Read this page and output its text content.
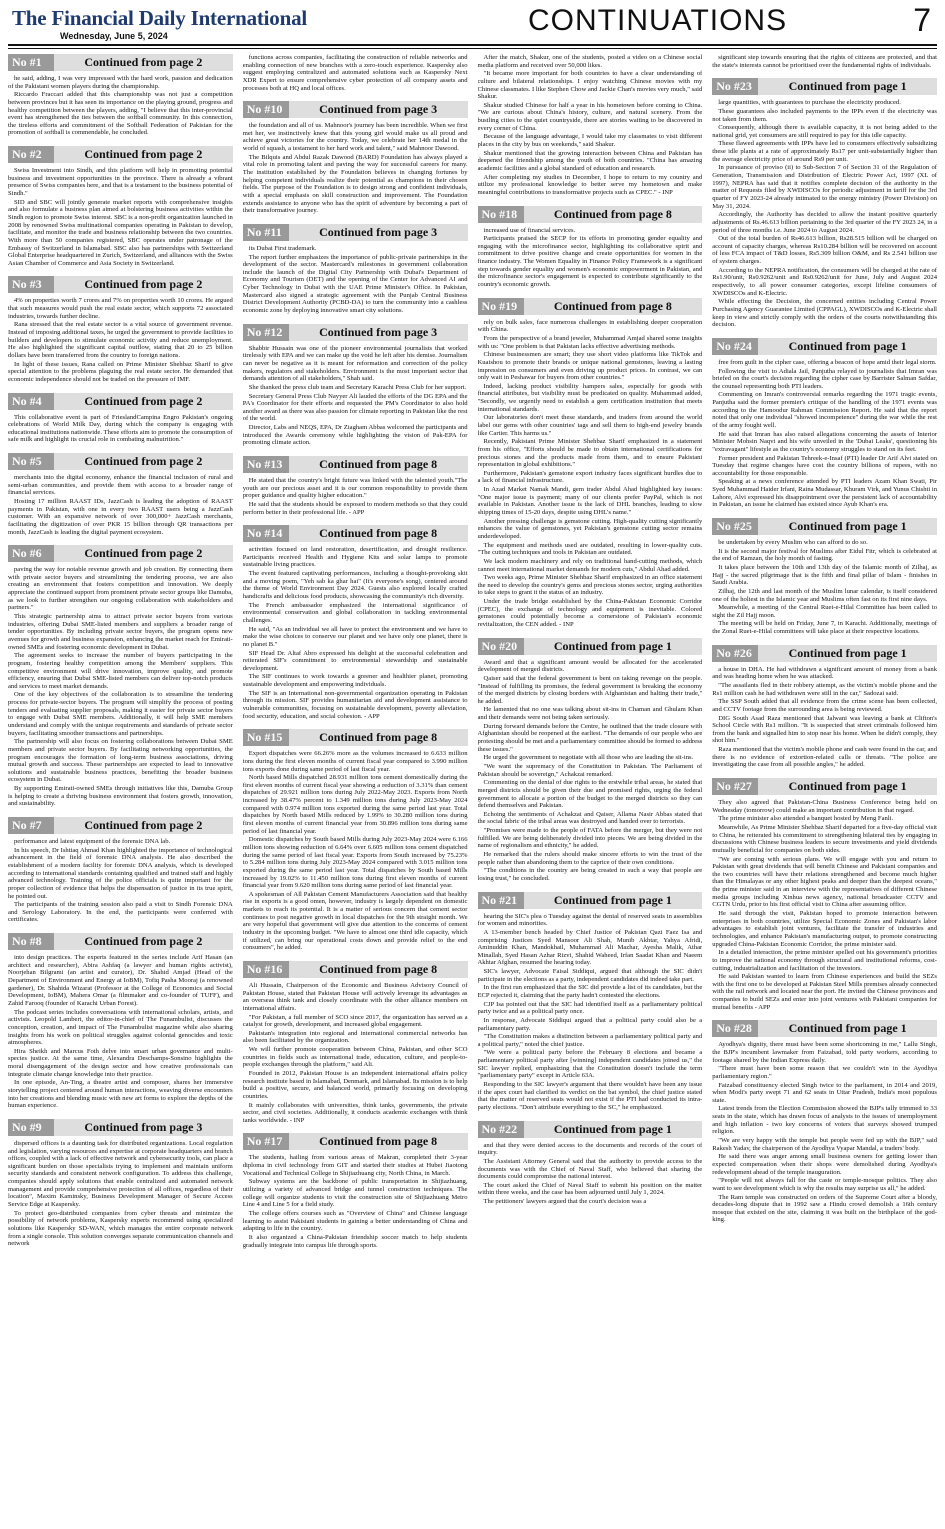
The Financial Daily International
Wednesday, June 5, 2024	CONTINUATIONS	7
No #1	Continued from page 2

he said, adding, I was very impressed with the hard work, passion and dedication of the Pakistani women players during the championship.

Riccardo Fraccari added that this championship was not just a competition between provinces but it has seen its importance on the playing ground, progress and healthy competition between the players, adding, "I believe that this inter-provincial event has strengthened the ties between the softball community. In this connection, the tireless efforts and commitment of the Softball Federation of Pakistan for the promotion of softball is commendable, he concluded.

No #2	Continued from page 2

Swiss Investment into Sindh, and this platform will help in promoting potential business and investment opportunities in the province. There is already a vibrant presence of Swiss companies here, and that is a testament to the business potential of Sindh."

SID and SBC will jointly generate market reports with comprehensive insights and also formulate a business plan aimed at bolstering business activities within the Sindh region to promote Swiss interest. SBC is a non-profit organization launched in 2008 by renowned Swiss multinational companies operating in Pakistan to develop, facilitate, and monitor the trade and business relationship between the two countries. With more than 50 companies registered, SBC operates under patronage of the Embassy of Switzerland in Islamabad. SBC also has partnerships with Switzerland Global Enterprise headquartered in Zurich, Switzerland, and alliances with the Swiss Asian Chamber of Commerce and Asia Society in Switzerland.

No #3	Continued from page 2

4% on properties worth 7 crores and 7% on properties worth 10 crores. He argued that such measures would push the real estate sector, which supports 72 associated industries, towards further decline.

Rana stressed that the real estate sector is a vital source of government revenue. Instead of imposing additional taxes, he urged the government to provide facilities to builders and developers to stimulate economic activity and reduce unemployment. He also highlighted the significant capital outflow, stating that 20 to 25 billion dollars have been transferred from the country to foreign nations.

In light of these issues, Rana called on Prime Minister Shehbaz Sharif to give special attention to the problems plaguing the real estate sector. He demanded that economic independence should not be traded on the pressure of IMF.

No #4	Continued from page 2

This collaborative event is part of FrieslandCampina Engro Pakistan's ongoing celebrations of World Milk Day, during which the company is engaging with educational institutions nationwide. These efforts aim to promote the consumption of safe milk and highlight its crucial role in combating malnutrition."

No #5	Continued from page 2

merchants into the digital economy, enhance the financial inclusion of rural and semi-urban communities, and provide them with access to a broader range of financial services.

Hosting 17 million RAAST IDs, JazzCash is leading the adoption of RAAST payments in Pakistan, with one in every two RAAST users being a JazzCash customer. With an expansive network of over 300,000+ JazzCash merchants, facilitating the digitization of over PKR 15 billion through QR transactions per month, JazzCash is leading the digital payment ecosystem.

No #6	Continued from page 2

paving the way for notable revenue growth and job creation. By connecting them with private sector buyers and streamlining the tendering process, we are also creating an environment that fosters competition and innovation. We deeply appreciate the continued support from prominent private sector groups like Damuba, as we look to further strengthen our ongoing collaboration with stakeholders and partners."

This strategic partnership aims to attract private sector buyers from various industries, offering Dubai SME-listed members and suppliers a broader range of tender opportunities. By including private sector buyers, the program opens new avenues for growth and business expansion, enhancing the market reach for Emirati-owned SMEs and fostering economic development in Dubai.

The agreement seeks to increase the number of buyers participating in the program, fostering healthy competition among the Members' suppliers. This competitive environment will drive innovation, improve quality, and promote efficiency, ensuring that Dubai SME-listed members can deliver top-notch products and services to meet market demands.

One of the key objectives of the collaboration is to streamline the tendering process for private-sector buyers. The program will simplify the process of posting tenders and evaluating supplier proposals, making it easier for private sector buyers to engage with Dubai SME members. Additionally, it will help SME members understand and comply with the unique requirements and standards of private sector buyers, facilitating smoother transactions and partnerships.

The partnership will also focus on fostering collaborations between Dubai SME members and private sector buyers. By facilitating networking opportunities, the program encourages the formation of long-term business associations, driving mutual growth and success. These partnerships are expected to lead to innovative solutions and sustainable business practices, benefiting the broader business ecosystem in Dubai.

By supporting Emirati-owned SMEs through initiatives like this, Damuba Group is helping to create a thriving business environment that fosters growth, innovation, and sustainability.

No #7	Continued from page 2

performance and latest equipment of the forensic DNA lab.

In his speech, Dr Ishtiaq Ahmad Khan highlighted the importance of technological advancement in the field of forensic DNA analysis. He also described the establishment of a modern facility for forensic DNA analysis, which is developed according to international standards containing qualified and trained staff and highly advanced technology. Training of the police officials is quite important for the proper collection of evidence that helps the dispensation of justice in its true spirit, he pointed out.

The participants of the training session also paid a visit to Sindh Forensic DNA and Serology Laboratory. In the end, the participants were conferred with certificates.

No #8	Continued from page 2

into design practices. The experts featured in the series include Arif Hasan (an architect and researcher), Abira Ashfaq (a lawyer and human rights activist), Noorjehan Bilgrami (an artist and curator), Dr. Shahid Amjad (Head of the Department of Environment and Energy at IoBM), Tofiq Pasha Mooraj (a renowned gardener), Dr. Shahida Wizarat (Professor at the College of Economics and Social Development, IoBM), Mahera Omar (a filmmaker and co-founder of TUFF), and Zahid Farooq (founder of Karachi Urban Forest).

The podcast series includes conversations with international scholars, artists, and activists. Leopold Lambert, the editor-in-chief of The Funambulist, discusses the conception, creation, and impact of The Funambulist magazine while also sharing insights from his work on political struggles against colonial genocides and toxic atmospheres.

Hira Sheikh and Marcus Foth delve into smart urban governance and multi-species justice. At the same time, Alexandra Deschamps-Sonsino highlights the moral disengagement of the design sector and how creative professionals can integrate climate change knowledge into their practice.

In one episode, An-Ting, a theatre artist and composer, shares her immersive storytelling project centered around human interactions, weaving diverse encounters into her creations and blending music with new art forms to explore the depths of the human experience.

No #9	Continued from page 3

dispersed offices is a daunting task for distributed organizations. Local regulation and legislation, varying resources and expertise at corporate headquarters and branch offices, coupled with a lack of effective network and cybersecurity tools, can place a significant burden on those specialists trying to implement and maintain uniform security standards and consistent network configuration. To address this challenge, companies should apply solutions that enable centralized and automated network management and provide comprehensive protection of all offices, regardless of their location", Maxim Kaminsky, Business Development Manager of Secure Access Service Edge at Kaspersky.

To protect geo-distributed companies from cyber threats and minimize the possibility of network problems, Kaspersky experts recommend using specialized solutions like Kaspersky SD-WAN, which manages the entire corporate network from a single console. This solution converges separate communication channels and network

functions across companies, facilitating the construction of reliable networks and enabling connection of new branches with a zero-touch experience. Kaspersky also suggest employing centralized and automated solutions such as Kaspersky Next XDR Expert to ensure comprehensive cyber protection of all company assets and processes both at HQ and local offices.

No #10	Continued from page 3

the foundation and all of us. Mahnoor's journey has been incredible. When we first met her, we instinctively knew that this young girl would make us all proud and achieve great victories for the country. Today, we celebrate her 14th medal in the world of squash, a testament to her hard work and talent," said Mahnoor Dawood.

The Bilquis and Abdul Razak Dawood (BARD) Foundation has always played a vital role in promoting talent and paving the way for successful careers for many. The institution established by the Foundation believes in changing fortunes by helping competent individuals realize their potential as champions in their chosen fields. The purpose of the Foundation is to design strong and confident individuals, with a special emphasis on skill construction and improvement. The Foundation extends assistance to anyone who has the spirit of adventure by becoming a part of their transformative journey.

No #11	Continued from page 3

its Dubai First trademark.

The report further emphasizes the importance of public-private partnerships in the development of the sector. Mastercard's milestones in government collaboration include the launch of the Digital City Partnership with Dubai's Department of Economy and Tourism (DET) and the opening of the Center for Advanced AI and Cyber Technology in Dubai with the UAE Prime Minister's Office. In Pakistan, Mastercard also signed a strategic agreement with the Punjab Central Business District Development Authority (PCBD-DA) to turn the community into a cashless economic zone by deploying innovative smart city solutions.

No #12	Continued from page 3

Shabbir Hussain was one of the pioneer environmental journalists that worked tirelessly with EPA and we can make up the void he left after his demise. Journalism can never be negative as it is meant for reformation and correction of the policy makers, regulators and stakeholders. Environment is the most important sector that demands attention of all stakeholders," Shah said.

She thanked the press club team and Secretary Karachi Press Club for her support.

Secretary General Press Club Nayyer Ali lauded the efforts of the DG EPA and the PA's Coordinator for their efforts and requested the PM's Coordinator to also hold another award as there was also passion for climate reporting in Pakistan like the rest of the world.

Director, Labs and NEQS, EPA, Dr Ziagham Abbas welcomed the participants and introduced the Awards ceremony while highlighting the vision of Pak-EPA for promoting climate action.

No #13	Continued from page 8

He stated that the country's bright future was linked with the talented youth."The youth are our precious asset and it is our common responsibility to provide them proper guidance and quality higher education."

He said that the students should be exposed to modern methods so that they could perform better in their professional life. - APP

No #14	Continued from page 8

activities focused on land restoration, desertification, and drought resilience. Participants received Health and Hygiene Kits and solar lamps to promote sustainable living practices.

The event featured captivating performances, including a thought-provoking skit and a moving poem, "Yeh sab ka ghar hai" (It's everyone's song), centered around the theme of World Environment Day 2024. Guests also explored locally crafted handicrafts and delicious food products, showcasing the community's rich diversity.

The French ambassador emphasized the international significance of environmental conservation and global collaboration in tackling environmental challenges.

He said, "As an individual we all have to protect the environment and we have to make the wise choices to conserve our planet and we have only one planet, there is no planet B."

SIF Head Dr. Altaf Abro expressed his delight at the successful celebration and reiterated SIF's commitment to environmental stewardship and sustainable development.

The SIF continues to work towards a greener and healthier planet, promoting sustainable development and empowering individuals.

The SIF is an International non-governmental organization operating in Pakistan through its mission. SIF provides humanitarian aid and development assistance to vulnerable communities, focusing on sustainable development, poverty alleviation, food security, education, and social cohesion. - APP

No #15	Continued from page 8

Export dispatches were 66.26% more as the volumes increased to 6.633 million tons during the first eleven months of current fiscal year compared to 3.990 million tons exports done during same period of last fiscal year.

North based Mills dispatched 28.931 million tons cement domestically during the first eleven months of current fiscal year showing a reduction of 3.31% than cement dispatches of 29.921 million tons during July 2022-May 2023. Exports from North increased by 38.47% percent to 1.349 million tons during July 2023-May 2024 compared with 0.974 million tons exported during the same period last year. Total dispatches by North based Mills reduced by 1.99% to 30.280 million tons during first eleven months of current financial year from 30.896 million tons during same period of last financial year.

Domestic dispatches by South based Mills during July 2023-May 2024 were 6.166 million tons showing reduction of 6.64% over 6.605 million tons cement dispatched during the same period of last fiscal year. Exports from South increased by 75.23% to 5.284 million tons during July 2023-May 2024 compared with 3.015 million tons exported during the same period last year. Total dispatches by South based Mills increased by 19.02% to 11.450 million tons during first eleven months of current financial year from 9.620 million tons during same period of last financial year.

A spokesman of All Pakistan Cement Manufacturers Association said that healthy rise in exports is a good omen, however, industry is largely dependent on domestic markets to reach its potential. It is a matter of serious concern that cement sector continues to post negative growth in local dispatches for the 9th straight month. We are very hopeful that government will give due attention to the concerns of cement industry in the upcoming budget. "We have to almost one third idle capacity, which if utilized, can bring our operational costs down and provide relief to the end consumers", he added.

No #16	Continued from page 8

Ali Hussain, Chairperson of the Economic and Business Advisory Council of Pakistan House, stated that Pakistan House will actively leverage its advantages as an overseas think tank and closely coordinate with the other alliance members on international affairs.

"For Pakistan, a full member of SCO since 2017, the organization has served as a catalyst for growth, development, and increased global engagement.

Pakistan's integration into regional and international commercial networks has also been facilitated by the organization.

We will further promote cooperation between China, Pakistan, and other SCO countries in fields such as international trade, education, culture, and people-to-people exchanges through the platform," said Ali.

Founded in 2012, Pakistan House is an independent international affairs policy research institute based in Islamabad, Denmark, and Islamabad. Its mission is to help build a positive, secure, and balanced world, primarily focusing on developing countries.

It mainly collaborates with universities, think tanks, governments, the private sector, and civil societies. Additionally, it conducts academic exchanges with think tanks worldwide. - INP

No #17	Continued from page 8

The students, hailing from various areas of Makran, completed their 3-year diploma in civil technology from GIT and started their studies at Hubei Jiaotong Vocational and Technical College in Shijiazhuang city, North China, in March.

Subway systems are the backbone of public transportation in Shijiazhuang, utilizing a variety of advanced bridge and tunnel construction techniques. The college will organize students to visit the construction site of Shijiazhuang Metro Line 4 and Line 5 for a field study.

The college offers courses such as "Overview of China" and Chinese language learning to assist Pakistani students in gaining a better understanding of China and adapting to life in the country.

It also organized a China-Pakistan friendship soccer match to help students gradually integrate into campus life through sports.

After the match, Shakur, one of the students, posted a video on a Chinese social media platform and received over 50,000 likes.

"It became more important for both countries to have a clear understanding of culture and bilateral relationships. I enjoy watching Chinese movies with my Chinese classmates. I like Stephen Chow and Jackie Chan's movies very much," said Shakur.

Shakur studied Chinese for half a year in his hometown before coming to China. "We are curious about China's history, culture, and natural scenery. From the bustling cities to the quiet countryside, there are stories waiting to be discovered in every corner of China.

Because of the language advantage, I would take my classmates to visit different places in the city by bus on weekends," said Shakur.

Shakur mentioned that the growing interaction between China and Pakistan has deepened the friendship among the youth of both countries. "China has amazing academic facilities and a global standard of education and research.

After completing my studies in December, I hope to return to my country and utilize my professional knowledge to better serve my hometown and make meaningful contributions to transformative projects such as CPEC." - INP

No #18	Continued from page 8

increased use of financial services.

Participants praised the SECP for its efforts in promoting gender equality and engaging with the microfinance sector, highlighting its collaborative spirit and commitment to drive positive change and create opportunities for women in the finance industry. The Women Equality in Finance Policy Framework is a significant step towards gender equality and women's economic empowerment in Pakistan, and the microfinance sector's engagement is expected to contribute significantly to the country's economic growth.

No #19	Continued from page 8

rely on bulk sales, face numerous challenges in establishing deeper cooperation with China.

From the perspective of a brand jeweler, Muhammad Amjad shared some insights with us: "One problem is that Pakistan lacks effective advertising methods.

Chinese businessmen are smart; they use short video platforms like TikTok and Kuaishou to promote their brands or unique national gemstones, leaving a lasting impression on consumers and even driving up product prices. In contrast, we can only wait in Peshawar for buyers from other countries."

Indeed, lacking product visibility hampers sales, especially for goods with financial attributes, but visibility must be predicated on quality. Muhammad added, "Secondly, we urgently need to establish a gem certification institution that meets international standards.

Our laboratories don't meet these standards, and traders from around the world label our gems with other countries' tags and sell them to high-end jewelry brands like Cartier. This harms us."

Recently, Pakistani Prime Minister Shehbaz Sharif emphasized in a statement from his office, "Efforts should be made to obtain international certifications for precious stones and the products made from them, and to ensure Pakistani representation in global exhibitions."

Furthermore, Pakistan's gemstone export industry faces significant hurdles due to a lack of financial infrastructure.

In Azad Market Namak Mandi, gem trader Abdul Ahad highlighted key issues: "One major issue is payment; many of our clients prefer PayPal, which is not available in Pakistan. Another issue is the lack of DHL branches, leading to slow shipping times of 15-20 days, despite using DHL's name."

Another pressing challenge is gemstone cutting. High-quality cutting significantly enhances the value of gemstones, yet Pakistan's gemstone cutting sector remains underdeveloped.

The equipment and methods used are outdated, resulting in lower-quality cuts. "The cutting techniques and tools in Pakistan are outdated.

We lack modern machinery and rely on traditional hand-cutting methods, which cannot meet international market demands for modern cuts," Abdul Ahad added.

Two weeks ago, Prime Minister Shehbaz Sharif emphasized in an office statement the need to develop the country's gems and precious stones sector, urging authorities to take steps to grant it the status of an industry.

Under the trade bridge established by the China-Pakistan Economic Corridor (CPEC), the exchange of technology and equipment is inevitable. Colored gemstones could potentially become a cornerstone of Pakistan's economic revitalization, the CEN added. - INP

No #20	Continued from page 1

Award and that a significant amount would be allocated for the accelerated development of merged districts.

Qaiser said that the federal government is bent on taking revenge on the people. "Instead of fulfilling its promises, the federal government is breaking the economy of the merged districts by closing borders with Afghanistan and halting their trade," he added.

He lamented that no one was talking about sit-ins in Chaman and Ghulam Khan and their demands were not being taken seriously.

During forward demands before the Centre, he outlined that the trade closure with Afghanistan should be reopened at the earliest. "The demands of our people who are protesting should be met and a parliamentary committee should be formed to address these issues."

He urged the government to negotiate with all those who are leading the sit-ins.

"We want the supremacy of the Constitution in Pakistan. The Parliament of Pakistan should be sovereign," Achakzai remarked.

Commenting on the denial of due rights to the erstwhile tribal areas, he stated that merged districts should be given their due and promised rights, urging the federal government to allocate a portion of the budget to the merged districts so they can defend themselves and Pakistan.

Echoing the sentiments of Achakzai and Qaiser, Allama Nasir Abbas stated that the social fabric of the tribal areas was destroyed and handed over to terrorists.

"Promises were made to the people of FATA before the merger, but they were not fulfilled. We are being deliberately divided into pieces. We are being divided in the name of regionalism and ethnicity," he added.

He remarked that the rulers should make sincere efforts to win the trust of the people rather than abandoning them to the caprice of their own conditions.

"The conditions in the country are being created in such a way that people are losing trust," he concluded.

No #21	Continued from page 1

hearing the SIC's plea o Tuesday against the denial of reserved seats in assemblies for women and minorities.

A 13-member bench headed by Chief Justice of Pakistan Qazi Faez Isa and comprising Justices Syed Mansoor Ali Shah, Munib Akhtar, Yahya Afridi, Aminuddin Khan, Mandokhail, Muhammad Ali Mazhar, Ayesha Malik, Athar Minallah, Syed Hasan Azhar Rizvi, Shahid Waheed, Irfan Saadat Khan and Naeem Akhtar Afghan, resumed the hearing today.

SIC's lawyer, Advocate Faisal Siddiqui, argued that although the SIC didn't participate in the elections as a party, independent candidates did indeed take part.

In the first run emphasized that the SIC did provide a list of its candidates, but the ECP rejected it, claiming that the party hadn't contested the elections.

CJP Isa pointed out that the SIC had identified itself as a parliamentary political party twice and as a political party once.

In response, Advocate Siddiqui argued that a political party could also be a parliamentary party.

"The Constitution makes a distinction between a parliamentary political party and a political party," noted the chief justice.

"We were a political party before the February 8 elections and became a parliamentary political party after [winning] independent candidates joined us," the SIC lawyer replied, emphasizing that the Constitution doesn't include the term "parliamentary party" except in Article 63A.

Responding to the SIC lawyer's argument that there wouldn't have been any issue if the apex court had clarified its verdict on the bat symbol, the chief justice stated that the matter of reserved seats would not exist if the PTI had conducted its intra-party elections. "Don't attribute everything to the SC," he emphasized.

No #22	Continued from page 1

and that they were denied access to the documents and records of the court of inquiry.

The Assistant Attorney General said that the authority to provide access to the documents was with the Chief of Naval Staff, who believed that sharing the documents could compromise the national interest.

The court asked the Chief of Naval Staff to submit his position on the matter within three weeks, and the case has been adjourned until July 1, 2024.

The petitioners' lawyers argued that the court's decision was a

significant step towards ensuring that the rights of citizens are protected, and that the state's interests cannot be prioritised over the fundamental rights of individuals.

No #23	Continued from page 1

large quantities, with guarantees to purchase the electricity produced.

These guarantees also included payments to the IPPs even if the electricity was not taken from them.

Consequently, although there is available capacity, it is not being added to the national grid, yet consumers are still required to pay for this idle capacity.

These flawed agreements with IPPs have led to consumers effectively subsidizing these idle plants at a rate of approximately Rs17 per unit-substantially higher than the average electricity price of around Rs9 per unit.

In pursuance of proviso (ii) to Sub-Section 7 of Section 31 of the Regulation of Generation, Transmission and Distribution of Electric Power Act, 1997 (XL of 1997), NEPRA has said that it notifies complete decision of the authority in the matter of Requests filed by XWDISCOs for periodic adjustment in tariff for the 3rd quarter of FY 2023-24 already intimated to the energy ministry (Power Division) on May 31, 2024.

Accordingly, the Authority has decided to allow the instant positive quarterly adjustments of Rs.46.613 billion pertaining to the 3rd quarter of the FY 2023 24, in a period of three months i.e. June 2024 to August 2024.

Out of the total burden of Rs46.613 billion, Rs28.515 billion will be charged on account of capacity charges, whereas Rs10.284 billion will be recovered on account of less FCA impact of T&D losses, Rs5.309 billion O&M, and Rs 2.541 billion use of system charges.

According to the NEPRA notification, the consumers will be charged at the rate of Rs1.90/unit, Rs0.9262/unit and Rs0.9262/unit for June, July and August 2024 respectively, to all power consumer categories, except lifeline consumers of XWDISCOs and K-Electric.

While effecting the Decision, the concerned entities including Central Power Purchasing Agency Guarantee Limited (CPPAGL), XWDISCOs and K-Electric shall keep in view and strictly comply with the orders of the courts notwithstanding this decision.

No #24	Continued from page 1

free from guilt in the cipher case, offering a beacon of hope amid their legal storm.

Following the visit to Adiala Jail, Panjutha relayed to journalists that Imran was briefed on the court's decision regarding the cipher case by Barrister Salman Safdar, the counsel representing both PTI leaders.

Commenting on Imran's controversial remarks regarding the 1971 tragic events, Panjutha said the former premier's critique of the handling of the 1971 events was according to the Hamoodur Rahman Commission Report. He said that the report noted that only one individual "showed incompetence" during the war while the rest of the army fought well.

He said that Imran has also raised allegations concerning the assets of Interior Minister Mohsin Naqvi and his wife unveiled in the 'Dubai Leaks', questioning his "extravagant" lifestyle as the country's economy struggles to stand on its feet.

Former president and Pakistan Tehreek-e-Insaf (PTI) leader Dr Arif Alvi stated on Tuesday that regime changes have cost the country billions of rupees, with no accountability for those responsible.

Speaking at a news conference attended by PTI leaders Azam Khan Swati, Pir Syed Muhammad Haider Irfani, Raina Mudassar, Khuram Virk, and Yunus Chishti in Lahore, Alvi expressed his disappointment over the persistent lack of accountability in Pakistan, an issue he claimed has existed since Ayub Khan's era.

No #25	Continued from page 1

be undertaken by every Muslim who can afford to do so.

It is the second major festival for Muslims after Eidul Fitr, which is celebrated at the end of Ramzan, the holy month of fasting.

It takes place between the 10th and 13th day of the Islamic month of Zilhaj, as Hajj - the sacred pilgrimage that is the fifth and final pillar of Islam - finishes in Saudi Arabia.

Zilhaj, the 12th and last month of the Muslim lunar calendar, is itself considered one of the holiest in the Islamic year and Muslims often fast on its first nine days.

Meanwhile, a meeting of the Central Ruet-e-Hilal Committee has been called to sight the Zil Hajj moon.

The meeting will be held on Friday, June 7, in Karachi. Additionally, meetings of the Zonal Ruet-e-Hilal committees will take place at their respective locations.

No #26	Continued from page 1

a house in DHA. He had withdrawn a significant amount of money from a bank and was heading home when he was attacked.

"The assailants fled in their robbery attempt, as the victim's mobile phone and the Rs1 million cash he had withdrawn were still in the car," Sadozai said.

The SSP South added that all evidence from the crime scene has been collected, and CCTV footage from the surrounding area is being reviewed.

DIG South Asad Raza mentioned that Jalwani was leaving a bank at Clifton's School Circle with Rs1 million. "It is suspected that street criminals followed him from the bank and signalled him to stop near his home. When he didn't comply, they shot him."

Raza mentioned that the victim's mobile phone and cash were found in the car, and there is no evidence of extortion-related calls or threats. "The police are investigating the case from all possible angles," he added.

No #27	Continued from page 1

They also agreed that Pakistan-China Business Conference being held on Wednesday (tomorrow) could make an important contribution in that regard.

The prime minister also attended a banquet hosted by Meng Fanli.

Meanwhile, As Prime Minister Shehbaz Sharif departed for a five-day official visit to China, he reiterated his commitment to strengthening bilateral ties by engaging in discussions with Chinese business leaders to secure investments and yield dividends mutually beneficial for companies on both sides.

"We are coming with serious plans. We will engage with you and return to Pakistan with great dividends that will benefit Chinese and Pakistani companies and the two countries will have their relations strengthened and become much higher than the Himalayas or any other highest peaks and deeper than the deepest oceans," the prime minister said in an interview with the representatives of different Chinese media groups including Xinhua news agency, national broadcaster CCTV and CGTN Urdu, prior to his first official visit to China after assuming office.

He said through the visit, Pakistan hoped to promote interaction between enterprises in both countries, utilize Special Economic Zones and Pakistan's labor advantages to establish joint ventures, facilitate the transfer of industries and technologies, and enhance Pakistan's manufacturing output, to promote constructing upgraded China-Pakistan Economic Corridor, the prime minister said.

In a detailed interaction, the prime minister spelled out his government's priorities to improve the national economy through structural and institutional reforms, cost-cutting, industrialization and facilitation of the investors.

He said Pakistan wanted to learn from Chinese experiences and build the SEZs with the first one to be developed at Pakistan Steel Mills premises already connected with the rail network and located near the port. He invited the Chinese provinces and companies to build SEZs and enter into joint ventures with Pakistani companies for mutual benefits - APP

No #28	Continued from page 1

Ayodhya's dignity, there must have been some shortcoming in me," Lallu Singh, the BJP's incumbent lawmaker from Faizabad, told party workers, according to footage shared by the Indian Express daily.

"There must have been some reason that we couldn't win in the Ayodhya parliamentary region."

Faizabad constituency elected Singh twice to the parliament, in 2014 and 2019, when Modi's party swept 71 and 62 seats in Uttar Pradesh, India's most populous state.

Latest trends from the Election Commission showed the BJP's tally trimmed to 33 seats in the state, which has drawn focus of analysts to the issues of unemployment and high inflation - two key concerns of voters that surveys showed trumped religion.

"We are very happy with the temple but people were fed up with the BJP," said Rakesh Yadav, the chairperson of the Ayodhya Vyapar Mandal, a traders' body.

He said there was anger among small business owners for getting lower than expected compensation when their shops were demolished during Ayodhya's redevelopment ahead of the temple inauguration.

"People will not always fall for the caste or temple-mosque politics. They also want to see development which is why the results may surprise us all," he added.

The Ram temple was constructed on orders of the Supreme Court after a bloody, decades-long dispute that in 1992 saw a Hindu crowd demolish a 16th century mosque that existed on the site, claiming it was built on the birthplace of the god-king.
